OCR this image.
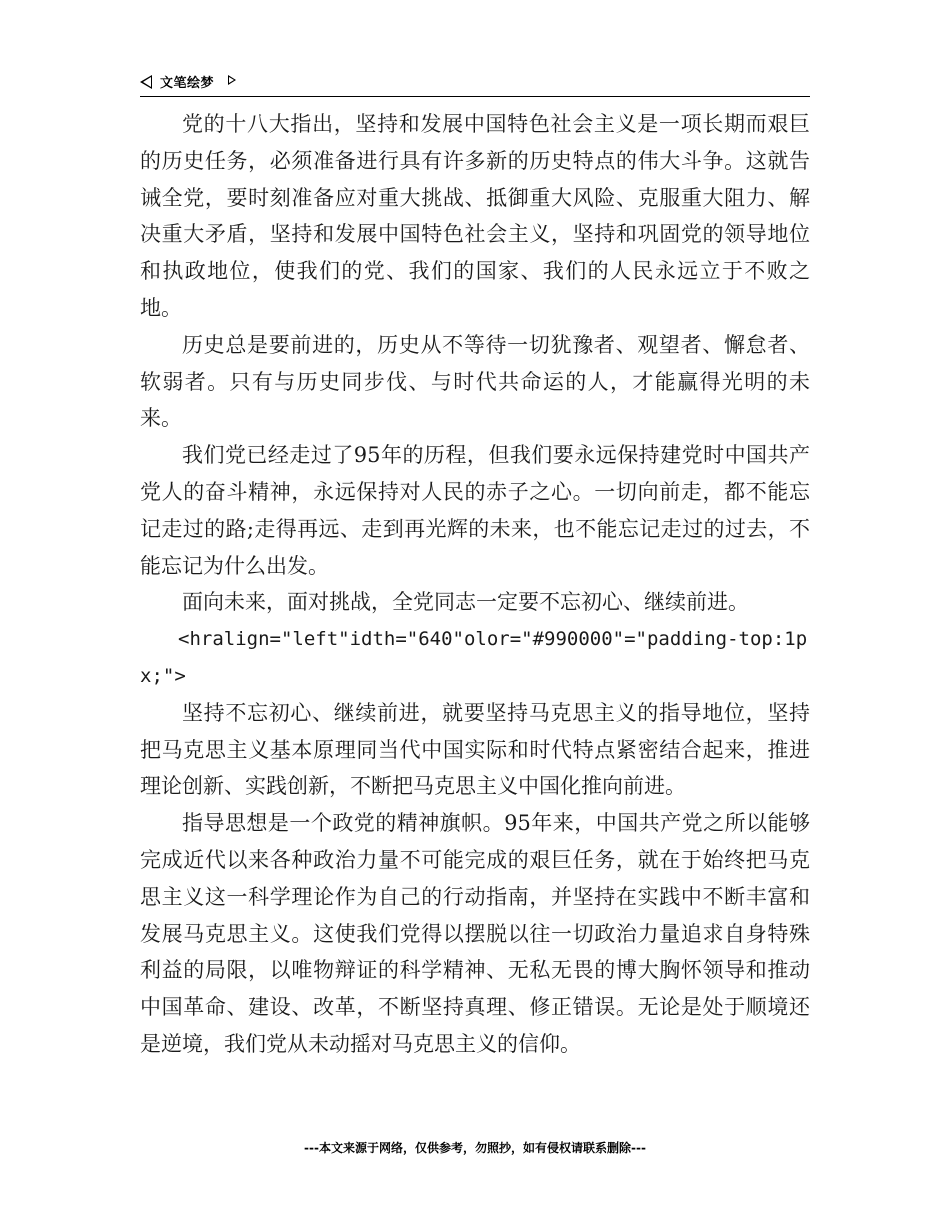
文笔绘梦

党的十八大指出，坚持和发展中国特色社会主义是一项长期而艰巨的历史任务，必须准备进行具有许多新的历史特点的伟大斗争。这就告诫全党，要时刻准备应对重大挑战、抵御重大风险、克服重大阻力、解决重大矛盾，坚持和发展中国特色社会主义，坚持和巩固党的领导地位和执政地位，使我们的党、我们的国家、我们的人民永远立于不败之地。

历史总是要前进的，历史从不等待一切犹豫者、观望者、懈怠者、软弱者。只有与历史同步伐、与时代共命运的人，才能赢得光明的未来。

我们党已经走过了95年的历程，但我们要永远保持建党时中国共产党人的奋斗精神，永远保持对人民的赤子之心。一切向前走，都不能忘记走过的路;走得再远、走到再光辉的未来，也不能忘记走过的过去，不能忘记为什么出发。

面向未来，面对挑战，全党同志一定要不忘初心、继续前进。

<hralign="left"idth="640"olor="#990000"="padding-top:1px;">

坚持不忘初心、继续前进，就要坚持马克思主义的指导地位，坚持把马克思主义基本原理同当代中国实际和时代特点紧密结合起来，推进理论创新、实践创新，不断把马克思主义中国化推向前进。

指导思想是一个政党的精神旗帜。95年来，中国共产党之所以能够完成近代以来各种政治力量不可能完成的艰巨任务，就在于始终把马克思主义这一科学理论作为自己的行动指南，并坚持在实践中不断丰富和发展马克思主义。这使我们党得以摆脱以往一切政治力量追求自身特殊利益的局限，以唯物辩证的科学精神、无私无畏的博大胸怀领导和推动中国革命、建设、改革，不断坚持真理、修正错误。无论是处于顺境还是逆境，我们党从未动摇对马克思主义的信仰。

---本文来源于网络，仅供参考，勿照抄，如有侵权请联系删除---
